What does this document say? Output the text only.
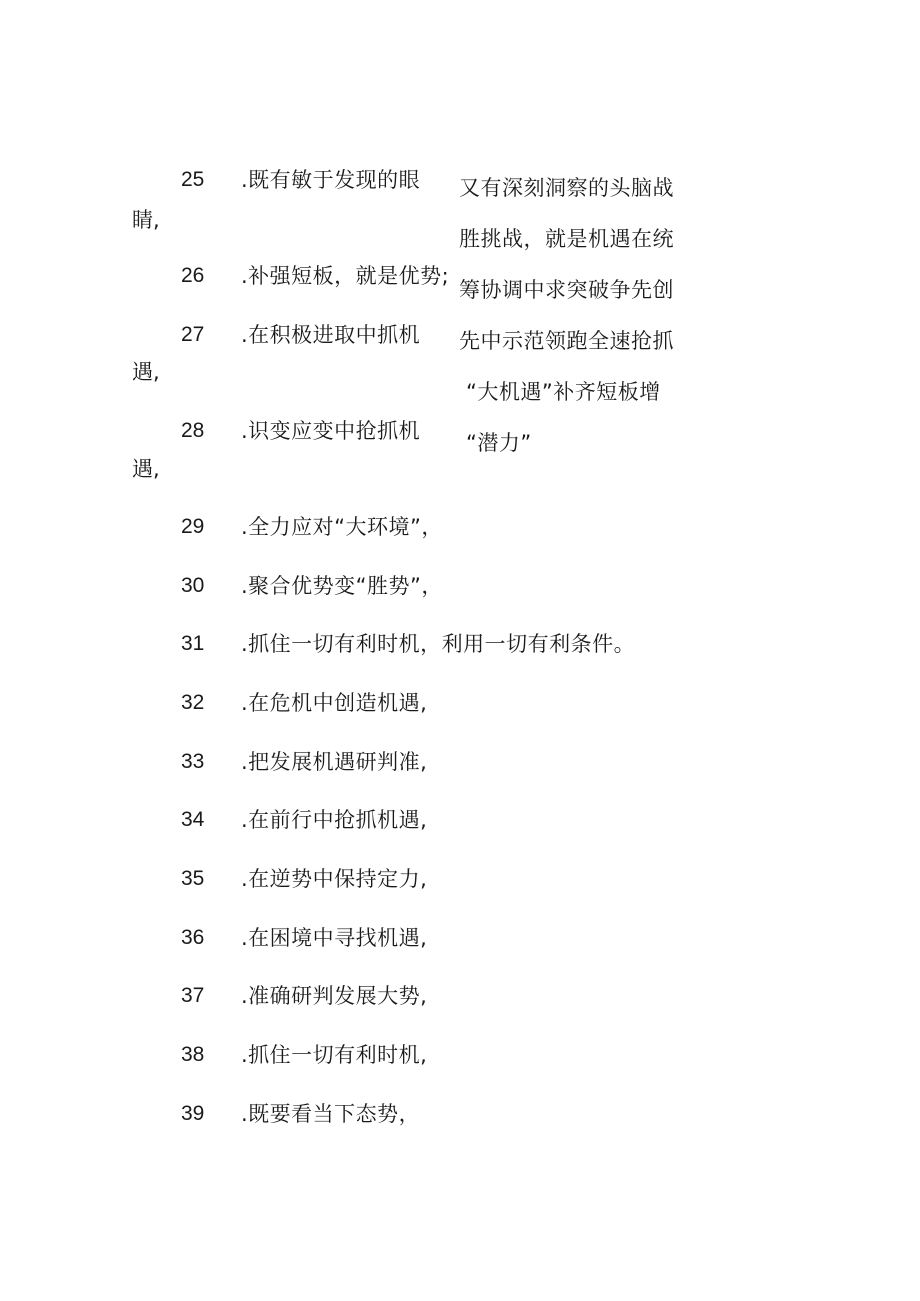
25	.既有敏于发现的眼
睛,
26	.补强短板，就是优势;
27	.在积极进取中抓机
遇,
28	.识变应变中抢抓机
遇,
29	.全力应对“大环境”，
30	.聚合优势变“胜势”，
31	.抓住一切有利时机，利用一切有利条件。
32	.在危机中创造机遇,
33	.把发展机遇研判准,
34	.在前行中抢抓机遇,
35	.在逆势中保持定力,
36	.在困境中寻找机遇,
37	.准确研判发展大势,
38	.抓住一切有利时机,
39	.既要看当下态势，
又有深刻洞察的头脑战
胜挑战，就是机遇在统
筹协调中求突破争先创
先中示范领跑全速抢抓
“大机遇”补齐短板增
“潜力”
